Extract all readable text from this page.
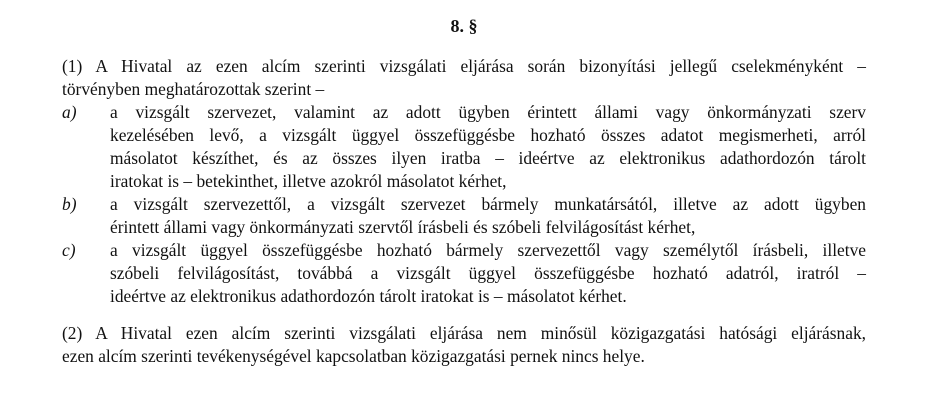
8. §
(1) A Hivatal az ezen alcím szerinti vizsgálati eljárása során bizonyítási jellegű cselekményként –
törvényben meghatározottak szerint –
a)	a vizsgált szervezet, valamint az adott ügyben érintett állami vagy önkormányzati szerv
kezelésében levő, a vizsgált üggyel összefüggésbe hozható összes adatot megismerheti, arról
másolatot készíthet, és az összes ilyen iratba – ideértve az elektronikus adathordozón tárolt
iratokat is – betekinthet, illetve azokról másolatot kérhet,
b)	a vizsgált szervezettől, a vizsgált szervezet bármely munkatársától, illetve az adott ügyben
érintett állami vagy önkormányzati szervtől írásbeli és szóbeli felvilágosítást kérhet,
c)	a vizsgált üggyel összefüggésbe hozható bármely szervezettől vagy személytől írásbeli, illetve
szóbeli felvilágosítást, továbbá a vizsgált üggyel összefüggésbe hozható adatról, iratról –
ideértve az elektronikus adathordozón tárolt iratokat is – másolatot kérhet.
(2) A Hivatal ezen alcím szerinti vizsgálati eljárása nem minősül közigazgatási hatósági eljárásnak,
ezen alcím szerinti tevékenységével kapcsolatban közigazgatási pernek nincs helye.
